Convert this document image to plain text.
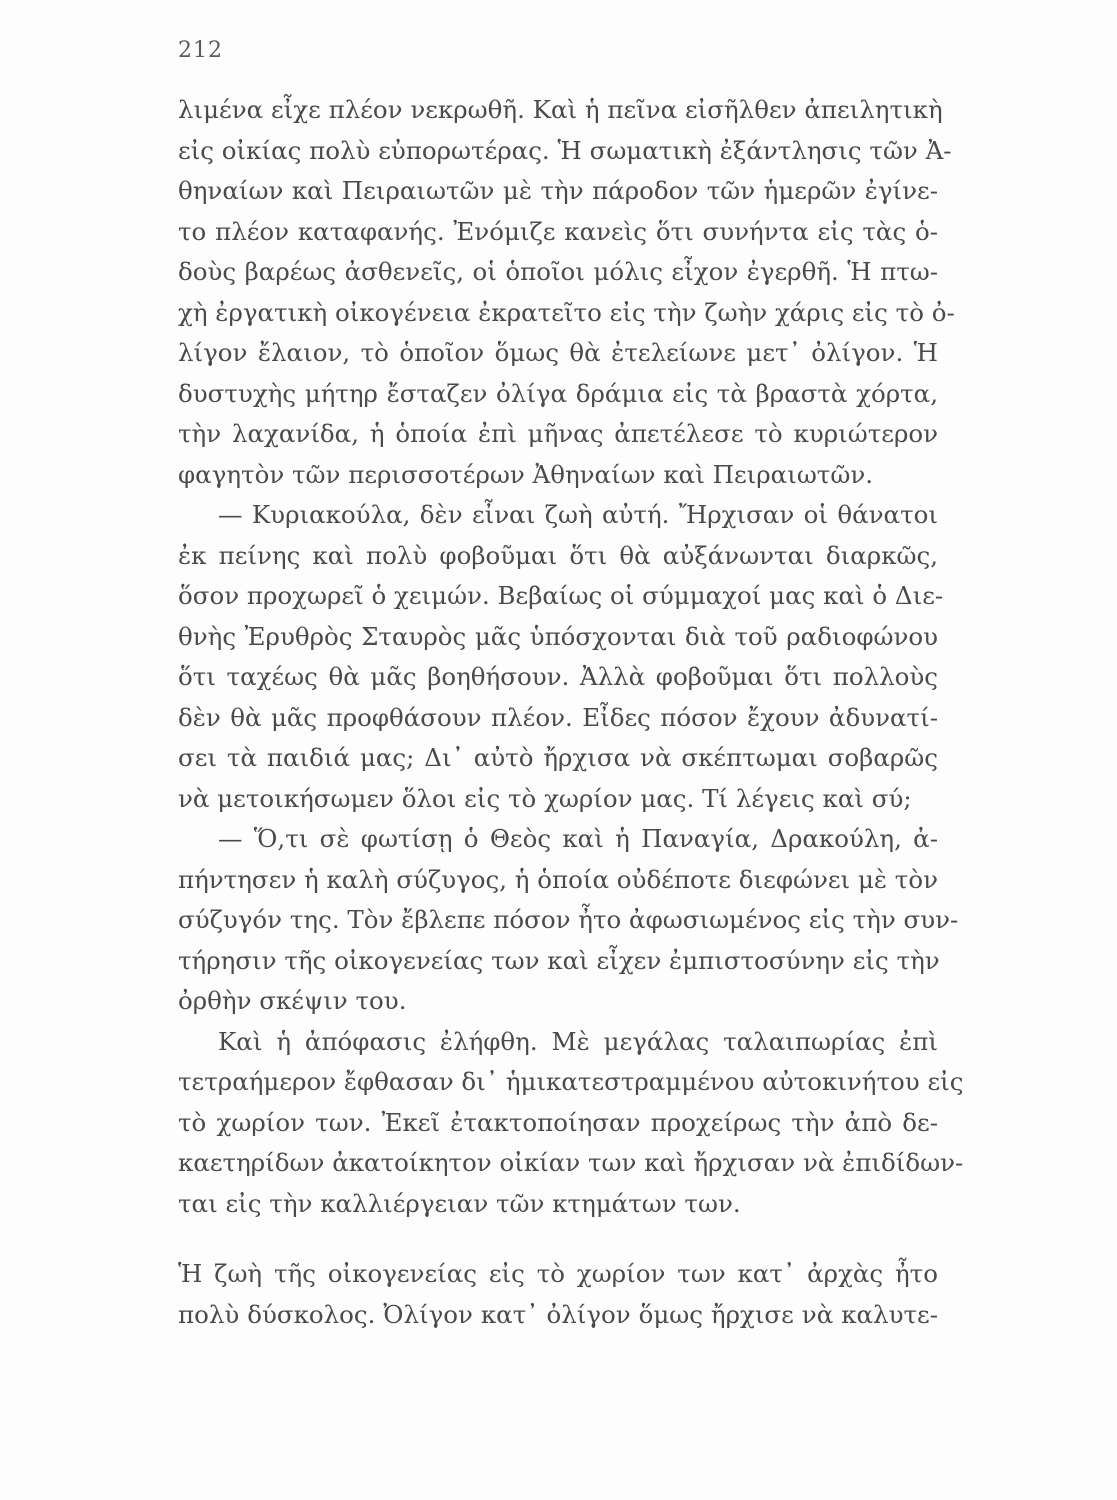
212
λιμένα εἶχε πλέον νεκρωθῆ. Καὶ ἡ πεῖνα εἰσῆλθεν ἀπειλητικὴ
εἰς οἰκίας πολὺ εὐπορωτέρας. Ἡ σωματικὴ ἐξάντλησις τῶν Ἀ-
θηναίων καὶ Πειραιωτῶν μὲ τὴν πάροδον τῶν ἡμερῶν ἐγίνε-
το πλέον καταφανής. Ἐνόμιζε κανεὶς ὅτι συνήντα εἰς τὰς ὁ-
δοὺς βαρέως ἀσθενεῖς, οἱ ὁποῖοι μόλις εἶχον ἐγερθῆ. Ἡ πτω-
χὴ ἐργατικὴ οἰκογένεια ἐκρατεῖτο εἰς τὴν ζωὴν χάρις εἰς τὸ ὀ-
λίγον ἔλαιον, τὸ ὁποῖον ὅμως θὰ ἐτελείωνε μετ᾽ ὀλίγον. Ἡ
δυστυχὴς μήτηρ ἔσταζεν ὀλίγα δράμια εἰς τὰ βραστὰ χόρτα,
τὴν λαχανίδα, ἡ ὁποία ἐπὶ μῆνας ἀπετέλεσε τὸ κυριώτερον
φαγητὸν τῶν περισσοτέρων Ἀθηναίων καὶ Πειραιωτῶν.
— Κυριακούλα, δὲν εἶναι ζωὴ αὐτή. Ἤρχισαν οἱ θάνατοι
ἐκ πείνης καὶ πολὺ φοβοῦμαι ὅτι θὰ αὐξάνωνται διαρκῶς,
ὅσον προχωρεῖ ὁ χειμών. Βεβαίως οἱ σύμμαχοί μας καὶ ὁ Διε-
θνὴς Ἐρυθρὸς Σταυρὸς μᾶς ὑπόσχονται διὰ τοῦ ραδιοφώνου
ὅτι ταχέως θὰ μᾶς βοηθήσουν. Ἀλλὰ φοβοῦμαι ὅτι πολλοὺς
δὲν θὰ μᾶς προφθάσουν πλέον. Εἶδες πόσον ἔχουν ἀδυνατί-
σει τὰ παιδιά μας; Δι᾽ αὐτὸ ἤρχισα νὰ σκέπτωμαι σοβαρῶς
νὰ μετοικήσωμεν ὅλοι εἰς τὸ χωρίον μας. Τί λέγεις καὶ σύ;
— Ὅ,τι σὲ φωτίσῃ ὁ Θεὸς καὶ ἡ Παναγία, Δρακούλη, ἀ-
πήντησεν ἡ καλὴ σύζυγος, ἡ ὁποία οὐδέποτε διεφώνει μὲ τὸν
σύζυγόν της. Τὸν ἔβλεπε πόσον ἦτο ἀφωσιωμένος εἰς τὴν συν-
τήρησιν τῆς οἰκογενείας των καὶ εἶχεν ἐμπιστοσύνην εἰς τὴν
ὀρθὴν σκέψιν του.
Καὶ ἡ ἀπόφασις ἐλήφθη. Μὲ μεγάλας ταλαιπωρίας ἐπὶ
τετραήμερον ἔφθασαν δι᾽ ἡμικατεστραμμένου αὐτοκινήτου εἰς
τὸ χωρίον των. Ἐκεῖ ἐτακτοποίησαν προχείρως τὴν ἀπὸ δε-
καετηρίδων ἀκατοίκητον οἰκίαν των καὶ ἤρχισαν νὰ ἐπιδίδων-
ται εἰς τὴν καλλιέργειαν τῶν κτημάτων των.
Ἡ ζωὴ τῆς οἰκογενείας εἰς τὸ χωρίον των κατ᾽ ἀρχὰς ἦτο
πολὺ δύσκολος. Ὀλίγον κατ᾽ ὀλίγον ὅμως ἤρχισε νὰ καλυτε-
